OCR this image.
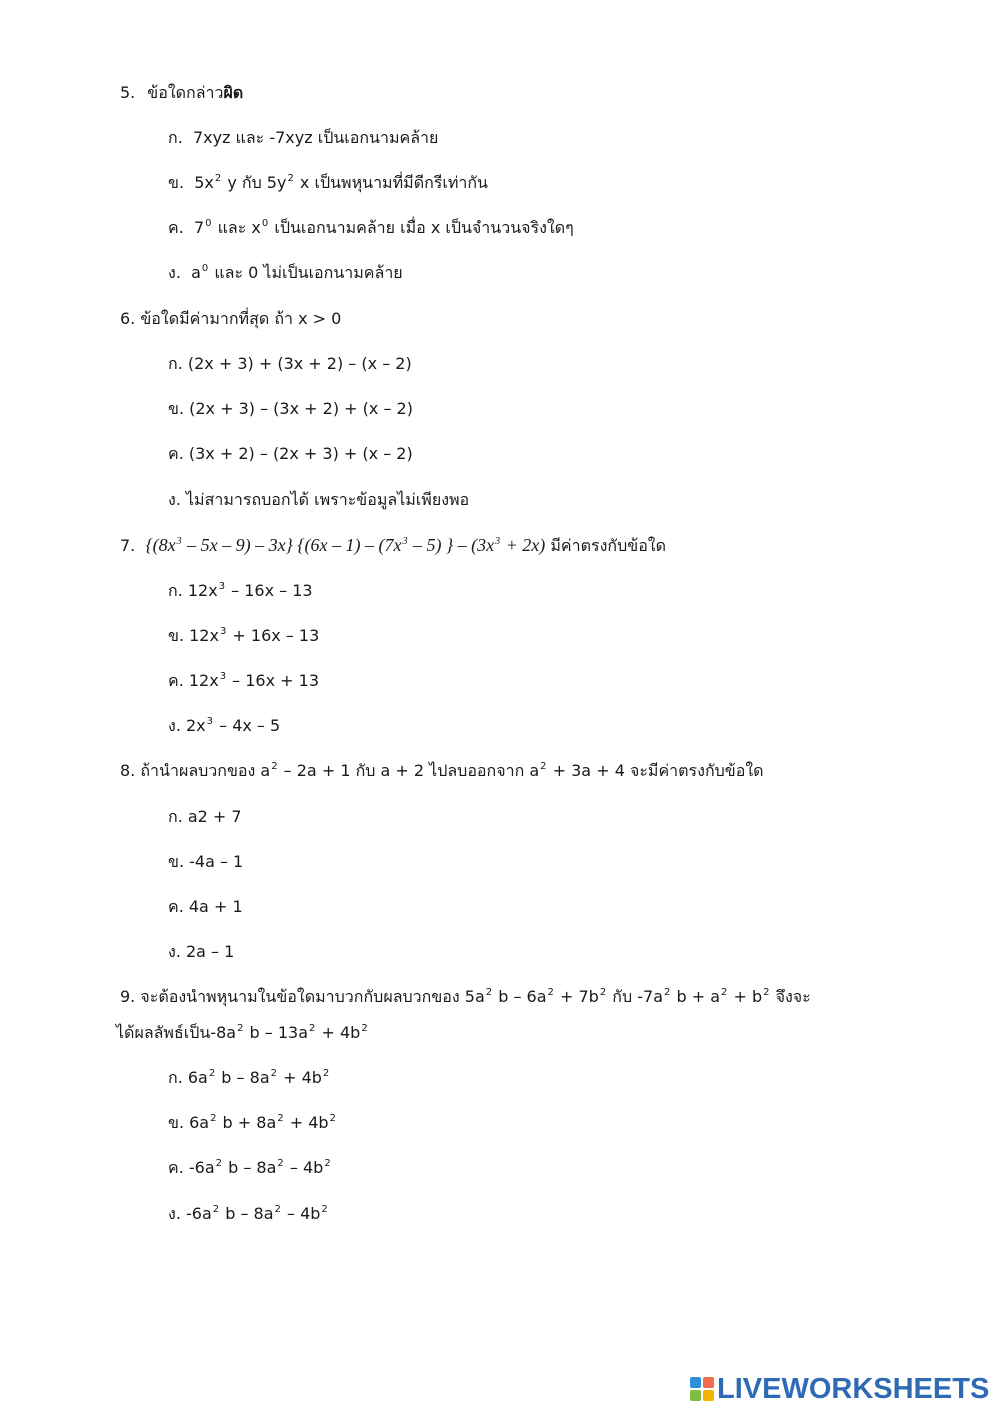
5. ข้อใดกล่าวผิด
ก. 7xyz และ -7xyz เป็นเอกนามคล้าย
ข. $5x^2$ y กับ $5y^2$ x เป็นพหุนามที่มีดีกรีเท่ากัน
ค. $7^0$ และ $x^0$ เป็นเอกนามคล้าย เมื่อ x เป็นจำนวนจริงใดๆ
ง. $a^0$ และ 0 ไม่เป็นเอกนามคล้าย
6. ข้อใดมีค่ามากที่สุด ถ้า x > 0
ก. (2x + 3) + (3x + 2) – (x – 2)
ข. (2x + 3) – (3x + 2) + (x – 2)
ค. (3x + 2) – (2x + 3) + (x – 2)
ง. ไม่สามารถบอกได้ เพราะข้อมูลไม่เพียงพอ
7. $\{(8x^3 - 5x - 9) - 3x\}$ {$(6x - 1) - (7x^3 - 5)$ } – $(3x^3 + 2x)$ มีค่าตรงกับข้อใด
ก. $12x^3 - 16x - 13$
ข. $12x^3 + 16x - 13$
ค. $12x^3 - 16x + 13$
ง. $2x^3 - 4x - 5$
8. ถ้านำผลบวกของ $a^2 - 2a + 1$ กับ a + 2 ไปลบออกจาก $a^2 + 3a + 4$ จะมีค่าตรงกับข้อใด
ก. a2 + 7
ข. -4a – 1
ค. 4a + 1
ง. 2a – 1
9. จะต้องนำพหุนามในข้อใดมาบวกกับผลบวกของ $5a^2$ $b - 6a^2 + 7b^2$ กับ $-7a^2$ $b + a^2 + b^2$ จึงจะ
ได้ผลลัพธ์เป็น$-8a^2$ $b - 13a^2 + 4b^2$
ก. $6a^2$ $b - 8a^2 + 4b^2$
ข. $6a^2$ $b + 8a^2 + 4b^2$
ค. $-6a^2$ b – $8a^2 - 4b^2$
ง. $-6a^2$ b – $8a^2 - 4b^2$
LIVEWORKSHEETS
